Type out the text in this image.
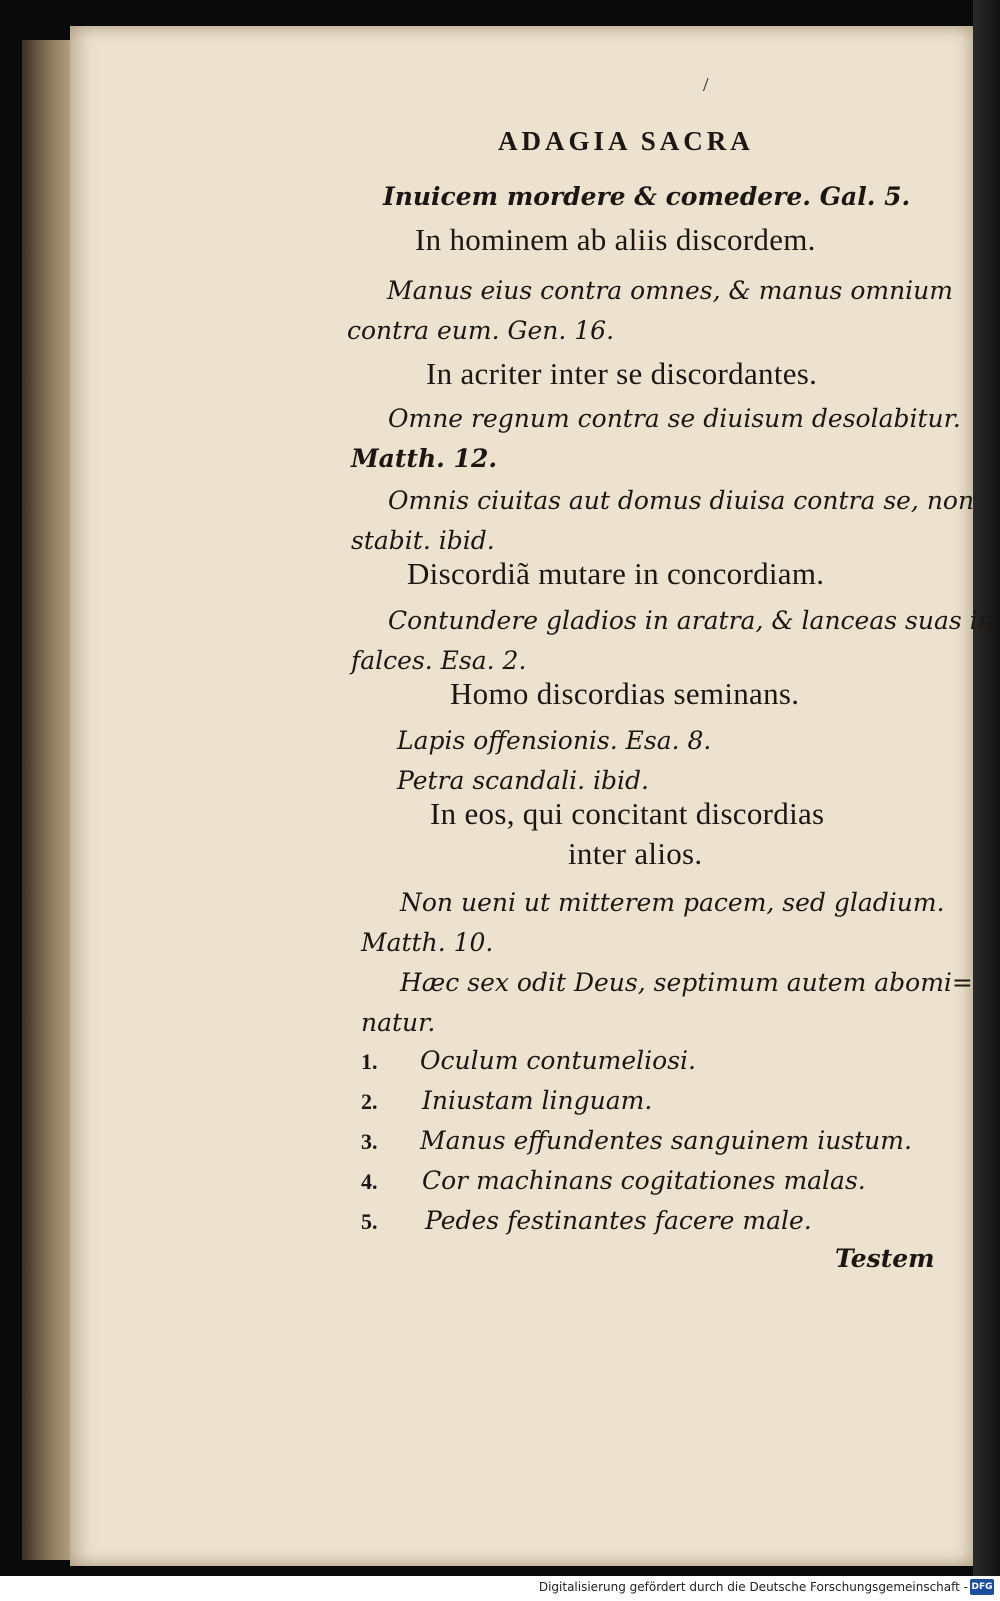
/
ADAGIA SACRA
Inuicem mordere & comedere. Gal. 5.
In hominem ab aliis discordem.
Manus eius contra omnes, & manus omnium
contra eum. Gen. 16.
In acriter inter se discordantes.
Omne regnum contra se diuisum desolabitur.
Matth. 12.
Omnis ciuitas aut domus diuisa contra se, non
stabit. ibid.
Discordiã mutare in concordiam.
Contundere gladios in aratra, & lanceas suas in
falces. Esa. 2.
Homo discordias seminans.
Lapis offensionis. Esa. 8.
Petra scandali. ibid.
In eos, qui concitant discordias
inter alios.
Non ueni ut mitterem pacem, sed gladium.
Matth. 10.
Hæc sex odit Deus, septimum autem abomi=
natur.
1. Oculum contumeliosi.
2. Iniustam linguam.
3. Manus effundentes sanguinem iustum.
4. Cor machinans cogitationes malas.
5. Pedes festinantes facere male.
Testem
Digitalisierung gefördert durch die Deutsche Forschungsgemeinschaft - DFG
